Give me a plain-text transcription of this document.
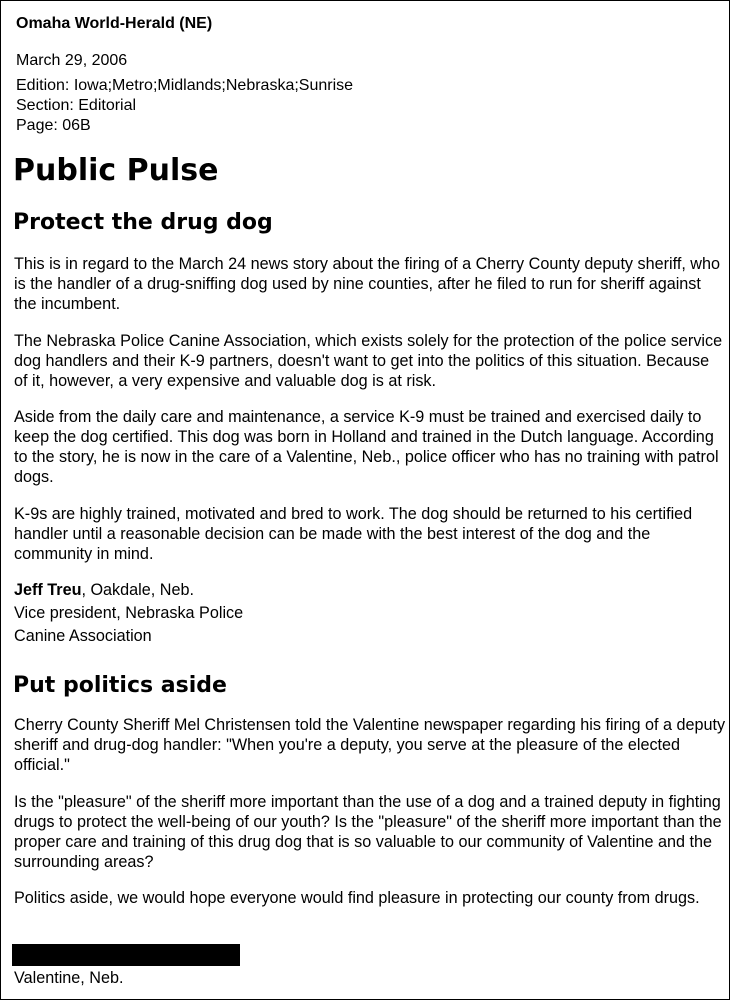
Omaha World-Herald (NE)
March 29, 2006
Edition: Iowa;Metro;Midlands;Nebraska;Sunrise
Section: Editorial
Page: 06B
Public Pulse
Protect the drug dog

This is in regard to the March 24 news story about the firing of a Cherry County deputy sheriff, who is the handler of a drug-sniffing dog used by nine counties, after he filed to run for sheriff against the incumbent.

The Nebraska Police Canine Association, which exists solely for the protection of the police service dog handlers and their K-9 partners, doesn't want to get into the politics of this situation. Because of it, however, a very expensive and valuable dog is at risk.

Aside from the daily care and maintenance, a service K-9 must be trained and exercised daily to keep the dog certified. This dog was born in Holland and trained in the Dutch language. According to the story, he is now in the care of a Valentine, Neb., police officer who has no training with patrol dogs.

K-9s are highly trained, motivated and bred to work. The dog should be returned to his certified handler until a reasonable decision can be made with the best interest of the dog and the community in mind.

Jeff Treu, Oakdale, Neb.
Vice president, Nebraska Police
Canine Association
Put politics aside

Cherry County Sheriff Mel Christensen told the Valentine newspaper regarding his firing of a deputy sheriff and drug-dog handler: "When you're a deputy, you serve at the pleasure of the elected official."

Is the "pleasure" of the sheriff more important than the use of a dog and a trained deputy in fighting drugs to protect the well-being of our youth? Is the "pleasure" of the sheriff more important than the proper care and training of this drug dog that is so valuable to our community of Valentine and the surrounding areas?

Politics aside, we would hope everyone would find pleasure in protecting our county from drugs.

Valentine, Neb.
